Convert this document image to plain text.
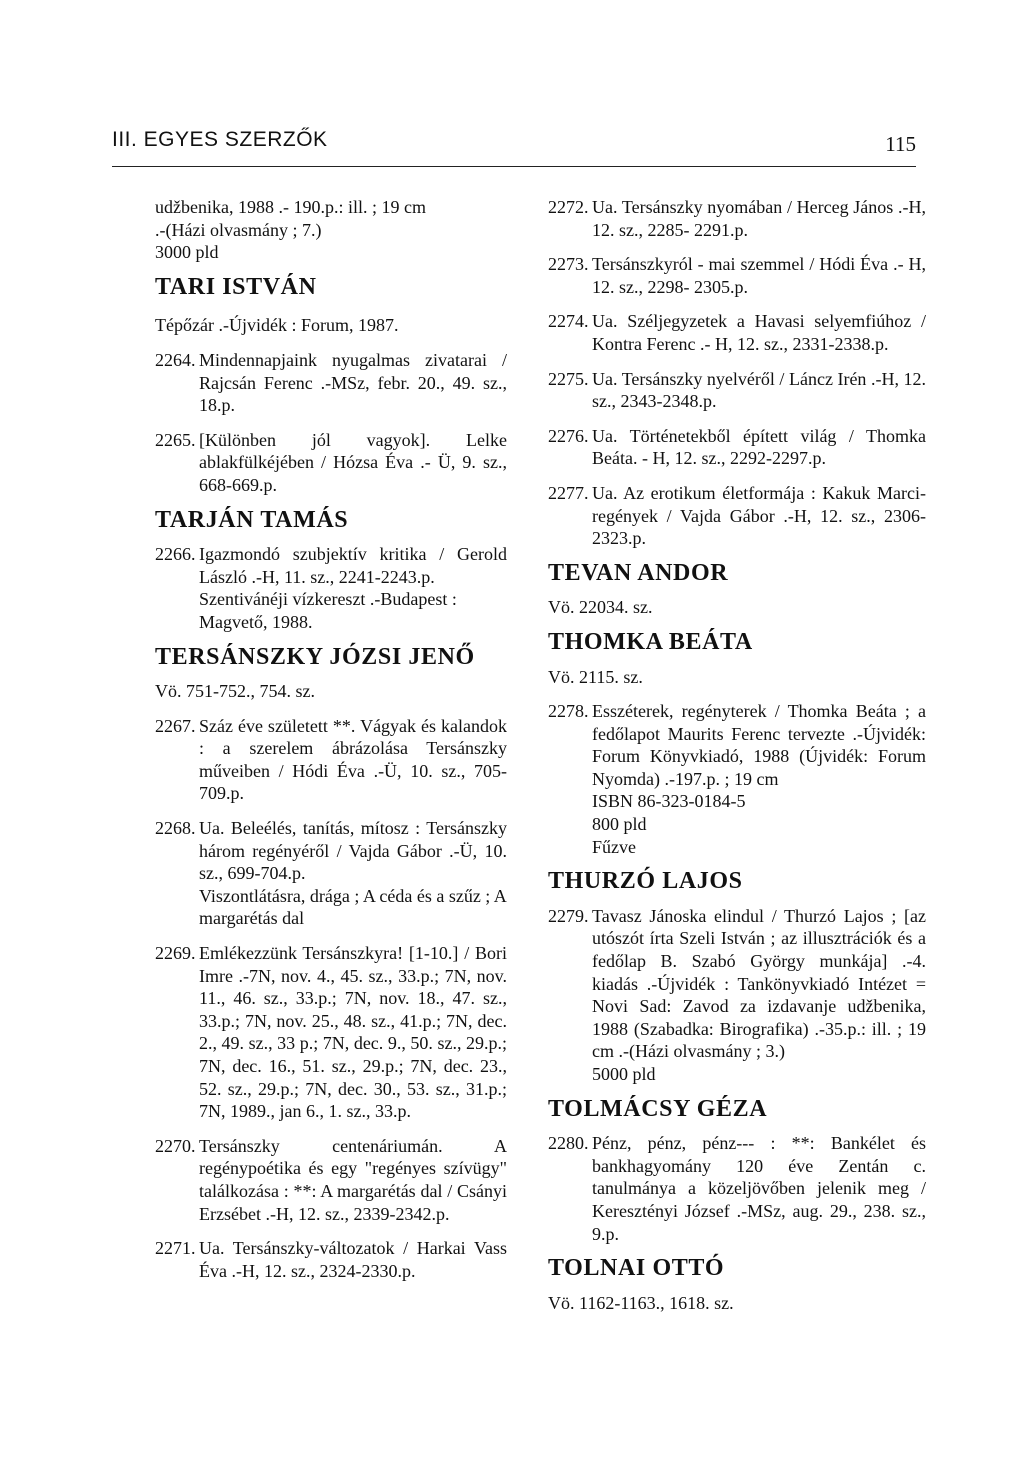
III. EGYES SZERZŐK	115

udžbenika, 1988 .- 190.p.: ill. ; 19 cm

.-(Házi olvasmány ; 7.)

3000 pld

TARI ISTVÁN

Tépőzár .-Újvidék : Forum, 1987.

2264. Mindennapjaink nyugalmas zivatarai / Rajcsán Ferenc .-MSz, febr. 20., 49. sz., 18.p.
2265. [Különben jól vagyok]. Lelke ablakfülkéjében / Hózsa Éva .- Ü, 9. sz., 668-669.p.
TARJÁN TAMÁS
2266. Igazmondó szubjektív kritika / Gerold László .-H, 11. sz., 2241-2243.p.

Szentivánéji vízkereszt .-Budapest : Magvető, 1988.

TERSÁNSZKY JÓZSI JENŐ

Vö. 751-752., 754. sz.

2267. Száz éve született **. Vágyak és kalandok : a szerelem ábrázolása Tersánszky műveiben / Hódi Éva .-Ü, 10. sz., 705-709.p.
2268. Ua. Beleélés, tanítás, mítosz : Tersánszky három regényéről / Vajda Gábor .-Ü, 10. sz., 699-704.p.

Viszontlátásra, drága ; A céda és a szűz ; A margarétás dal

2269. Emlékezzünk Tersánszkyra! [1-10.] / Bori Imre .-7N, nov. 4., 45. sz., 33.p.; 7N, nov. 11., 46. sz., 33.p.; 7N, nov. 18., 47. sz., 33.p.; 7N, nov. 25., 48. sz., 41.p.; 7N, dec. 2., 49. sz., 33 p.; 7N, dec. 9., 50. sz., 29.p.; 7N, dec. 16., 51. sz., 29.p.; 7N, dec. 23., 52. sz., 29.p.; 7N, dec. 30., 53. sz., 31.p.; 7N, 1989., jan 6., 1. sz., 33.p.
2270. Tersánszky centenáriumán. A regénypoétika és egy "regényes szívügy" találkozása : **: A margarétás dal / Csányi Erzsébet .-H, 12. sz., 2339-2342.p.
2271. Ua. Tersánszky-változatok / Harkai Vass Éva .-H, 12. sz., 2324-2330.p.
2272. Ua. Tersánszky nyomában / Herceg János .-H, 12. sz., 2285- 2291.p.
2273. Tersánszkyról - mai szemmel / Hódi Éva .- H, 12. sz., 2298- 2305.p.
2274. Ua. Széljegyzetek a Havasi selyemfiúhoz / Kontra Ferenc .- H, 12. sz., 2331-2338.p.
2275. Ua. Tersánszky nyelvéről / Láncz Irén .-H, 12. sz., 2343-2348.p.
2276. Ua. Történetekből épített világ / Thomka Beáta. - H, 12. sz., 2292-2297.p.
2277. Ua. Az erotikum életformája : Kakuk Marci-regények / Vajda Gábor .-H, 12. sz., 2306-2323.p.
TEVAN ANDOR

Vö. 22034. sz.

THOMKA BEÁTA

Vö. 2115. sz.

2278. Esszéterek, regényterek / Thomka Beáta ; a fedőlapot Maurits Ferenc tervezte .-Újvidék: Forum Könyvkiadó, 1988 (Újvidék: Forum Nyomda) .-197.p. ; 19 cm

ISBN 86-323-0184-5

800 pld

Fűzve

THURZÓ LAJOS
2279. Tavasz Jánoska elindul / Thurzó Lajos ; [az utószót írta Szeli István ; az illusztrációk és a fedőlap B. Szabó György munkája] .-4. kiadás .-Újvidék : Tankönyvkiadó Intézet = Novi Sad: Zavod za izdavanje udžbenika, 1988 (Szabadka: Birografika) .-35.p.: ill. ; 19 cm .-(Házi olvasmány ; 3.)

5000 pld

TOLMÁCSY GÉZA
2280. Pénz, pénz, pénz--- : **: Bankélet és bankhagyomány 120 éve Zentán c. tanulmánya a közeljövőben jelenik meg / Keresztényi József .-MSz, aug. 29., 238. sz., 9.p.
TOLNAI OTTÓ

Vö. 1162-1163., 1618. sz.
